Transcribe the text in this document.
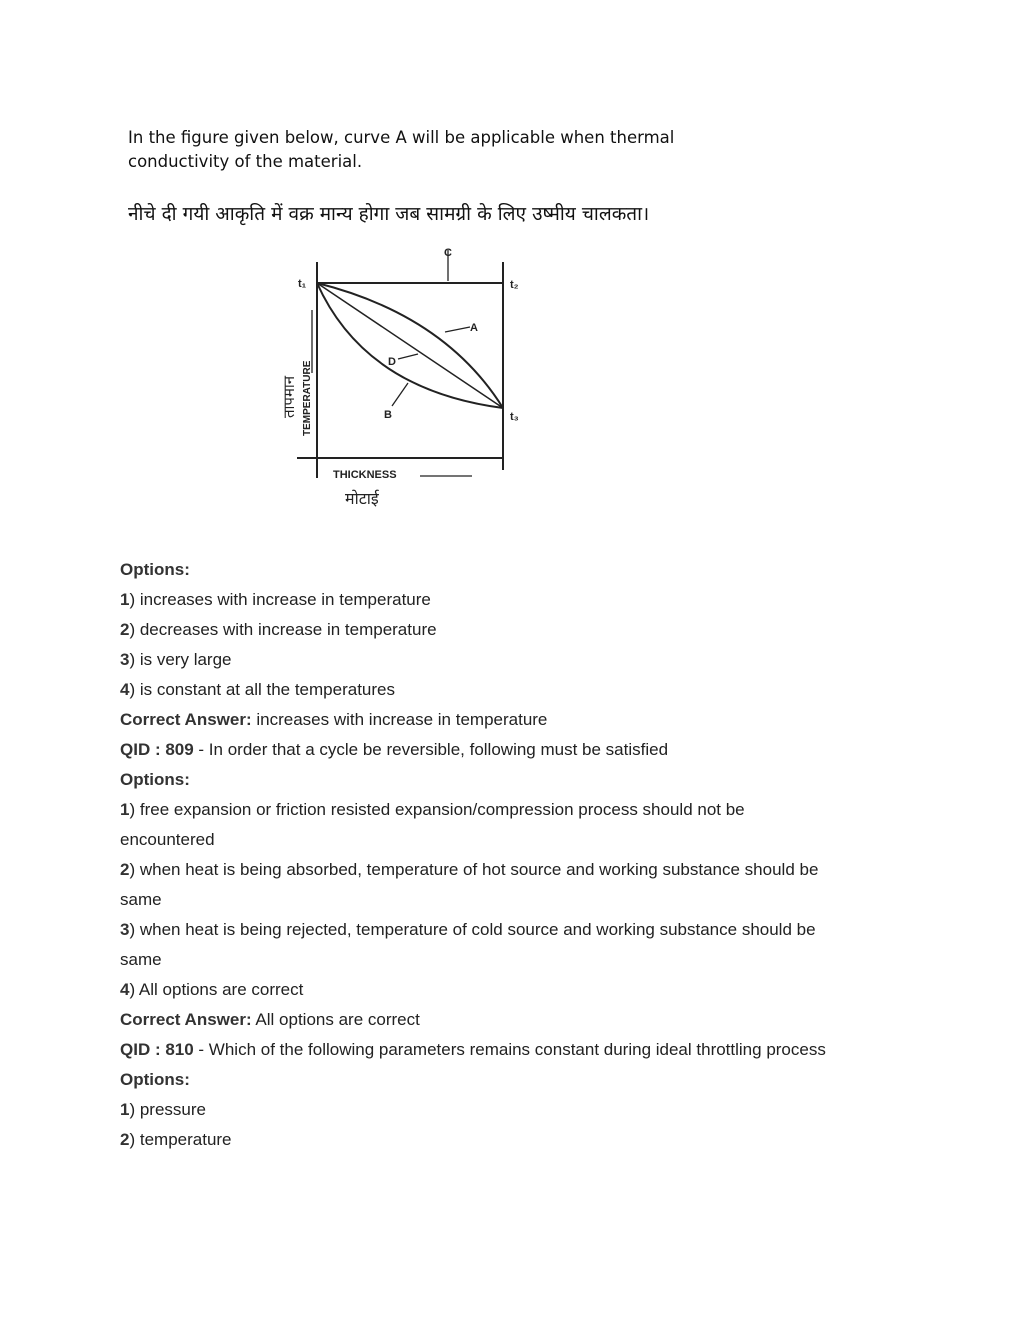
In the figure given below, curve A will be applicable when thermal conductivity of the material.
नीचे दी गयी आकृति में वक्र मान्य होगा जब सामग्री के लिए उष्मीय चालकता।
t₁	t₂
t₃
C
A
D
B
THICKNESS
TEMPERATURE
तापमान
मोटाई
Options:
1) increases with increase in temperature
2) decreases with increase in temperature
3) is very large
4) is constant at all the temperatures
Correct Answer: increases with increase in temperature
QID : 809 - In order that a cycle be reversible, following must be satisfied
Options:
1) free expansion or friction resisted expansion/compression process should not be
encountered
2) when heat is being absorbed, temperature of hot source and working substance should be
same
3) when heat is being rejected, temperature of cold source and working substance should be
same
4) All options are correct
Correct Answer: All options are correct
QID : 810 - Which of the following parameters remains constant during ideal throttling process
Options:
1) pressure
2) temperature
